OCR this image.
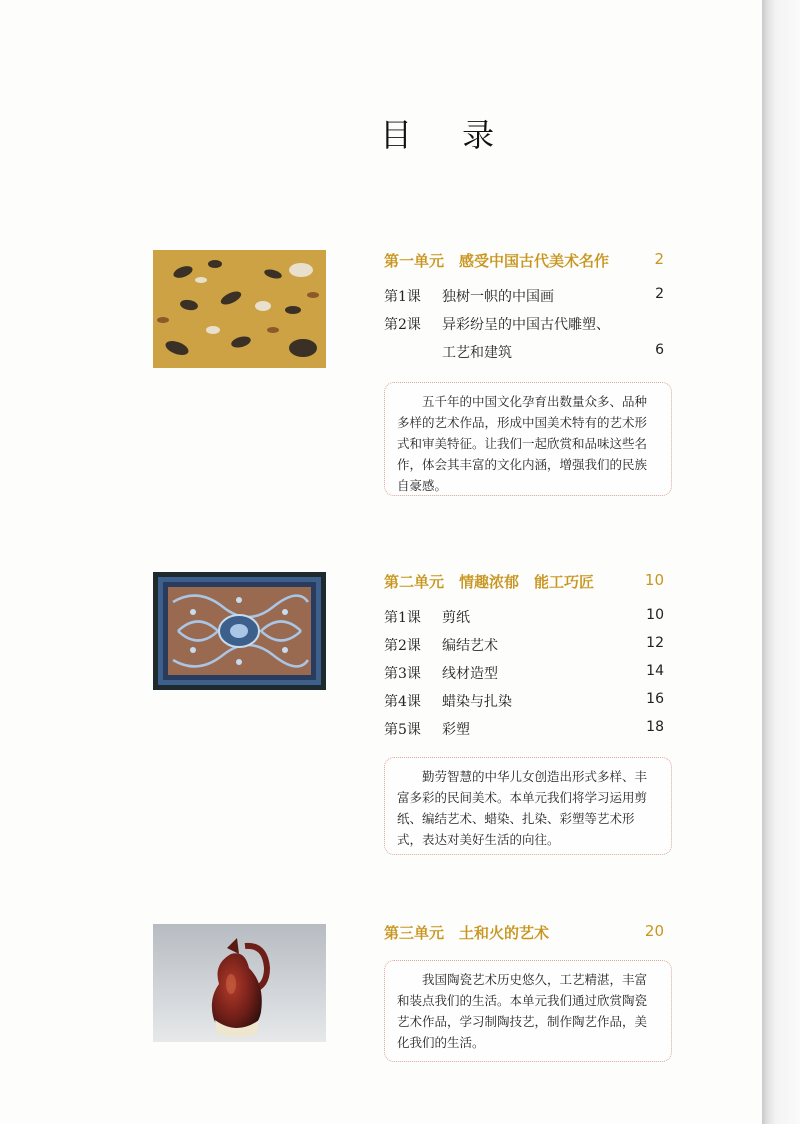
目 录
第一单元　感受中国古代美术名作	2
第1课 独树一帜的中国画	2
第2课 异彩纷呈的中国古代雕塑、
工艺和建筑	6
五千年的中国文化孕育出数量众多、品种多样的艺术作品，形成中国美术特有的艺术形式和审美特征。让我们一起欣赏和品味这些名作，体会其丰富的文化内涵，增强我们的民族自豪感。
第二单元　情趣浓郁　能工巧匠	10
第1课 剪纸	10
第2课 编结艺术	12
第3课 线材造型	14
第4课 蜡染与扎染	16
第5课 彩塑	18
勤劳智慧的中华儿女创造出形式多样、丰富多彩的民间美术。本单元我们将学习运用剪纸、编结艺术、蜡染、扎染、彩塑等艺术形式，表达对美好生活的向往。
第三单元　土和火的艺术	20
我国陶瓷艺术历史悠久，工艺精湛，丰富和装点我们的生活。本单元我们通过欣赏陶瓷艺术作品，学习制陶技艺，制作陶艺作品，美化我们的生活。
